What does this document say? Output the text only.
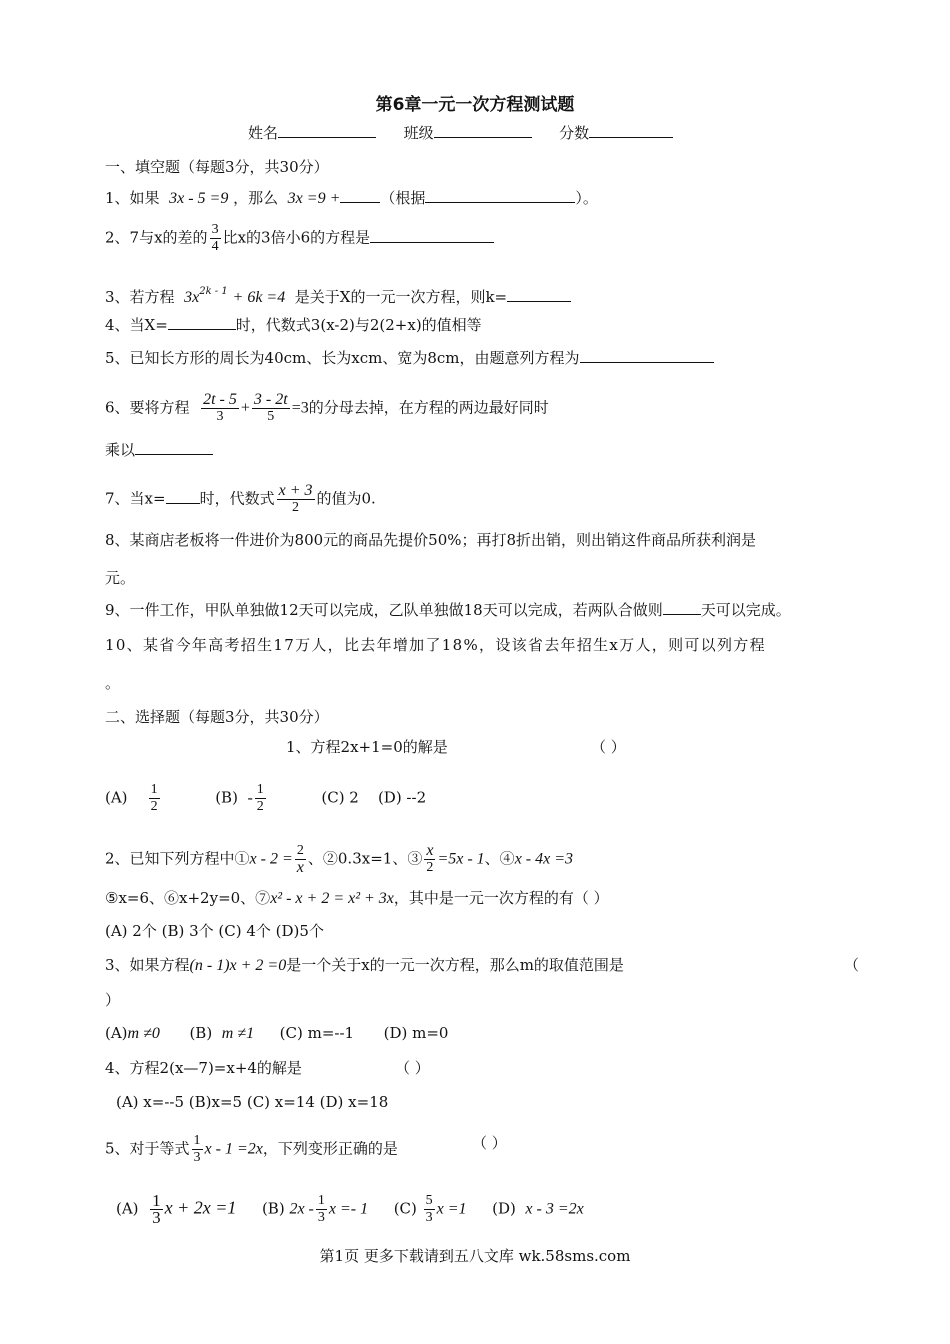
第6章一元一次方程测试题
姓名	班级	分数
一、填空题（每题3分，共30分）
1、如果 3x - 5 =9 ，那么 3x =9 +	（根据	）。
2、7与x的差的 $\frac{3}{4}$ 比x的3倍小6的方程是
3、若方程 $3x^{2k - 1} + 6k =4$ 是关于X的一元一次方程，则k=
4、当X=	时，代数式3(x-2)与2(2+x)的值相等
5、已知长方形的周长为40cm、长为xcm、宽为8cm，由题意列方程为
6、要将方程 $\frac{2t - 5}{3} + \frac{3 - 2t}{5} =3$的分母去掉，在方程的两边最好同时
乘以
7、当x= 时，代数式 $\frac{x + 3}{2}$ 的值为0.
8、某商店老板将一件进价为800元的商品先提价50%；再打8折出销，则出销这件商品所获利润是
元。
9、一件工作，甲队单独做12天可以完成，乙队单独做18天可以完成，若两队合做则	天可以完成。
10、某省今年高考招生17万人，比去年增加了18%，设该省去年招生x万人，则可以列方程
。
二、选择题（每题3分，共30分）
1、方程2x+1=0的解是	（ ）
$(A) \frac{1}{2}$	$(B) - \frac{1}{2}$	(C) 2 (D) --2
2、已知下列方程中①x - $2 = \frac{2}{x}$ 、②0.3x=1、③ $\frac{x}{2} =5x - 1$、④x - 4x =3
⑤x=6、⑥x+2y=0、⑦x² - x + 2 = x² + 3x，其中是一元一次方程的有（ ）
(A) 2个 (B) 3个 (C) 4个 (D)5个
3、如果方程(n - 1)x + 2 =0是一个关于x的一元一次方程，那么m的取值范围是	（
）
(A)m ≠0 (B) m ≠1 (C) m=--1 (D) m=0
4、方程2(x—7)=x+4的解是	（ ）
(A) x=--5 (B)x=5 (C) x=14 (D) x=18
5、对于等式 $\frac{1}{3}$ x - 1 =2x，下列变形正确的是	（ ）
$(A) \frac{1}{3}$ x + 2x =1 (B) $2x - \frac{1}{3}$ x =- 1 $(C) \frac{5}{3}$ x =1 (D) x - 3 =2x
第1页 更多下载请到五八文库 wk.58sms.com
